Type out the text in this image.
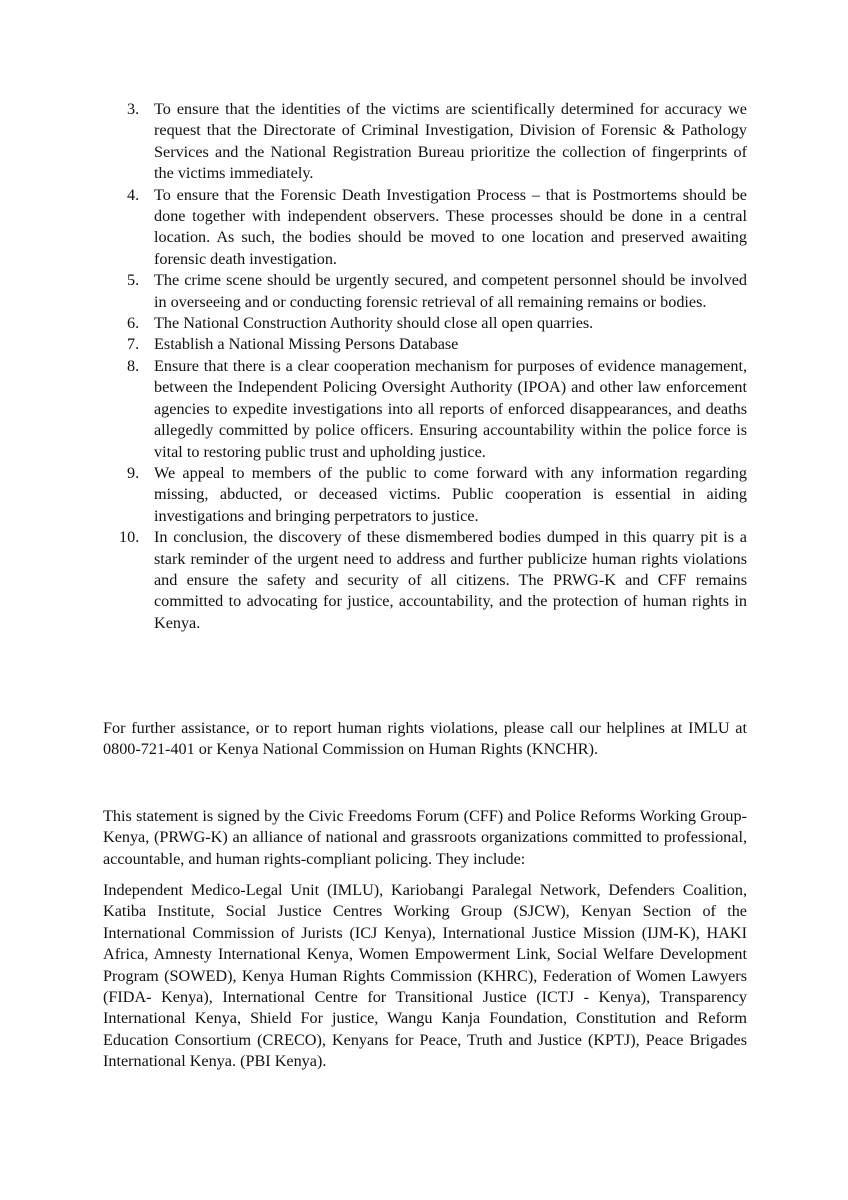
3. To ensure that the identities of the victims are scientifically determined for accuracy we request that the Directorate of Criminal Investigation, Division of Forensic & Pathology Services and the National Registration Bureau prioritize the collection of fingerprints of the victims immediately.
4. To ensure that the Forensic Death Investigation Process – that is Postmortems should be done together with independent observers. These processes should be done in a central location. As such, the bodies should be moved to one location and preserved awaiting forensic death investigation.
5. The crime scene should be urgently secured, and competent personnel should be involved in overseeing and or conducting forensic retrieval of all remaining remains or bodies.
6. The National Construction Authority should close all open quarries.
7. Establish a National Missing Persons Database
8. Ensure that there is a clear cooperation mechanism for purposes of evidence management, between the Independent Policing Oversight Authority (IPOA) and other law enforcement agencies to expedite investigations into all reports of enforced disappearances, and deaths allegedly committed by police officers. Ensuring accountability within the police force is vital to restoring public trust and upholding justice.
9. We appeal to members of the public to come forward with any information regarding missing, abducted, or deceased victims. Public cooperation is essential in aiding investigations and bringing perpetrators to justice.
10. In conclusion, the discovery of these dismembered bodies dumped in this quarry pit is a stark reminder of the urgent need to address and further publicize human rights violations and ensure the safety and security of all citizens. The PRWG-K and CFF remains committed to advocating for justice, accountability, and the protection of human rights in Kenya.

For further assistance, or to report human rights violations, please call our helplines at IMLU at 0800-721-401 or Kenya National Commission on Human Rights (KNCHR).

This statement is signed by the Civic Freedoms Forum (CFF) and Police Reforms Working Group-Kenya, (PRWG-K) an alliance of national and grassroots organizations committed to professional, accountable, and human rights-compliant policing. They include:

Independent Medico-Legal Unit (IMLU), Kariobangi Paralegal Network, Defenders Coalition, Katiba Institute, Social Justice Centres Working Group (SJCW), Kenyan Section of the International Commission of Jurists (ICJ Kenya), International Justice Mission (IJM-K), HAKI Africa, Amnesty International Kenya, Women Empowerment Link, Social Welfare Development Program (SOWED), Kenya Human Rights Commission (KHRC), Federation of Women Lawyers (FIDA- Kenya), International Centre for Transitional Justice (ICTJ - Kenya), Transparency International Kenya, Shield For justice, Wangu Kanja Foundation, Constitution and Reform Education Consortium (CRECO), Kenyans for Peace, Truth and Justice (KPTJ), Peace Brigades International Kenya. (PBI Kenya).
